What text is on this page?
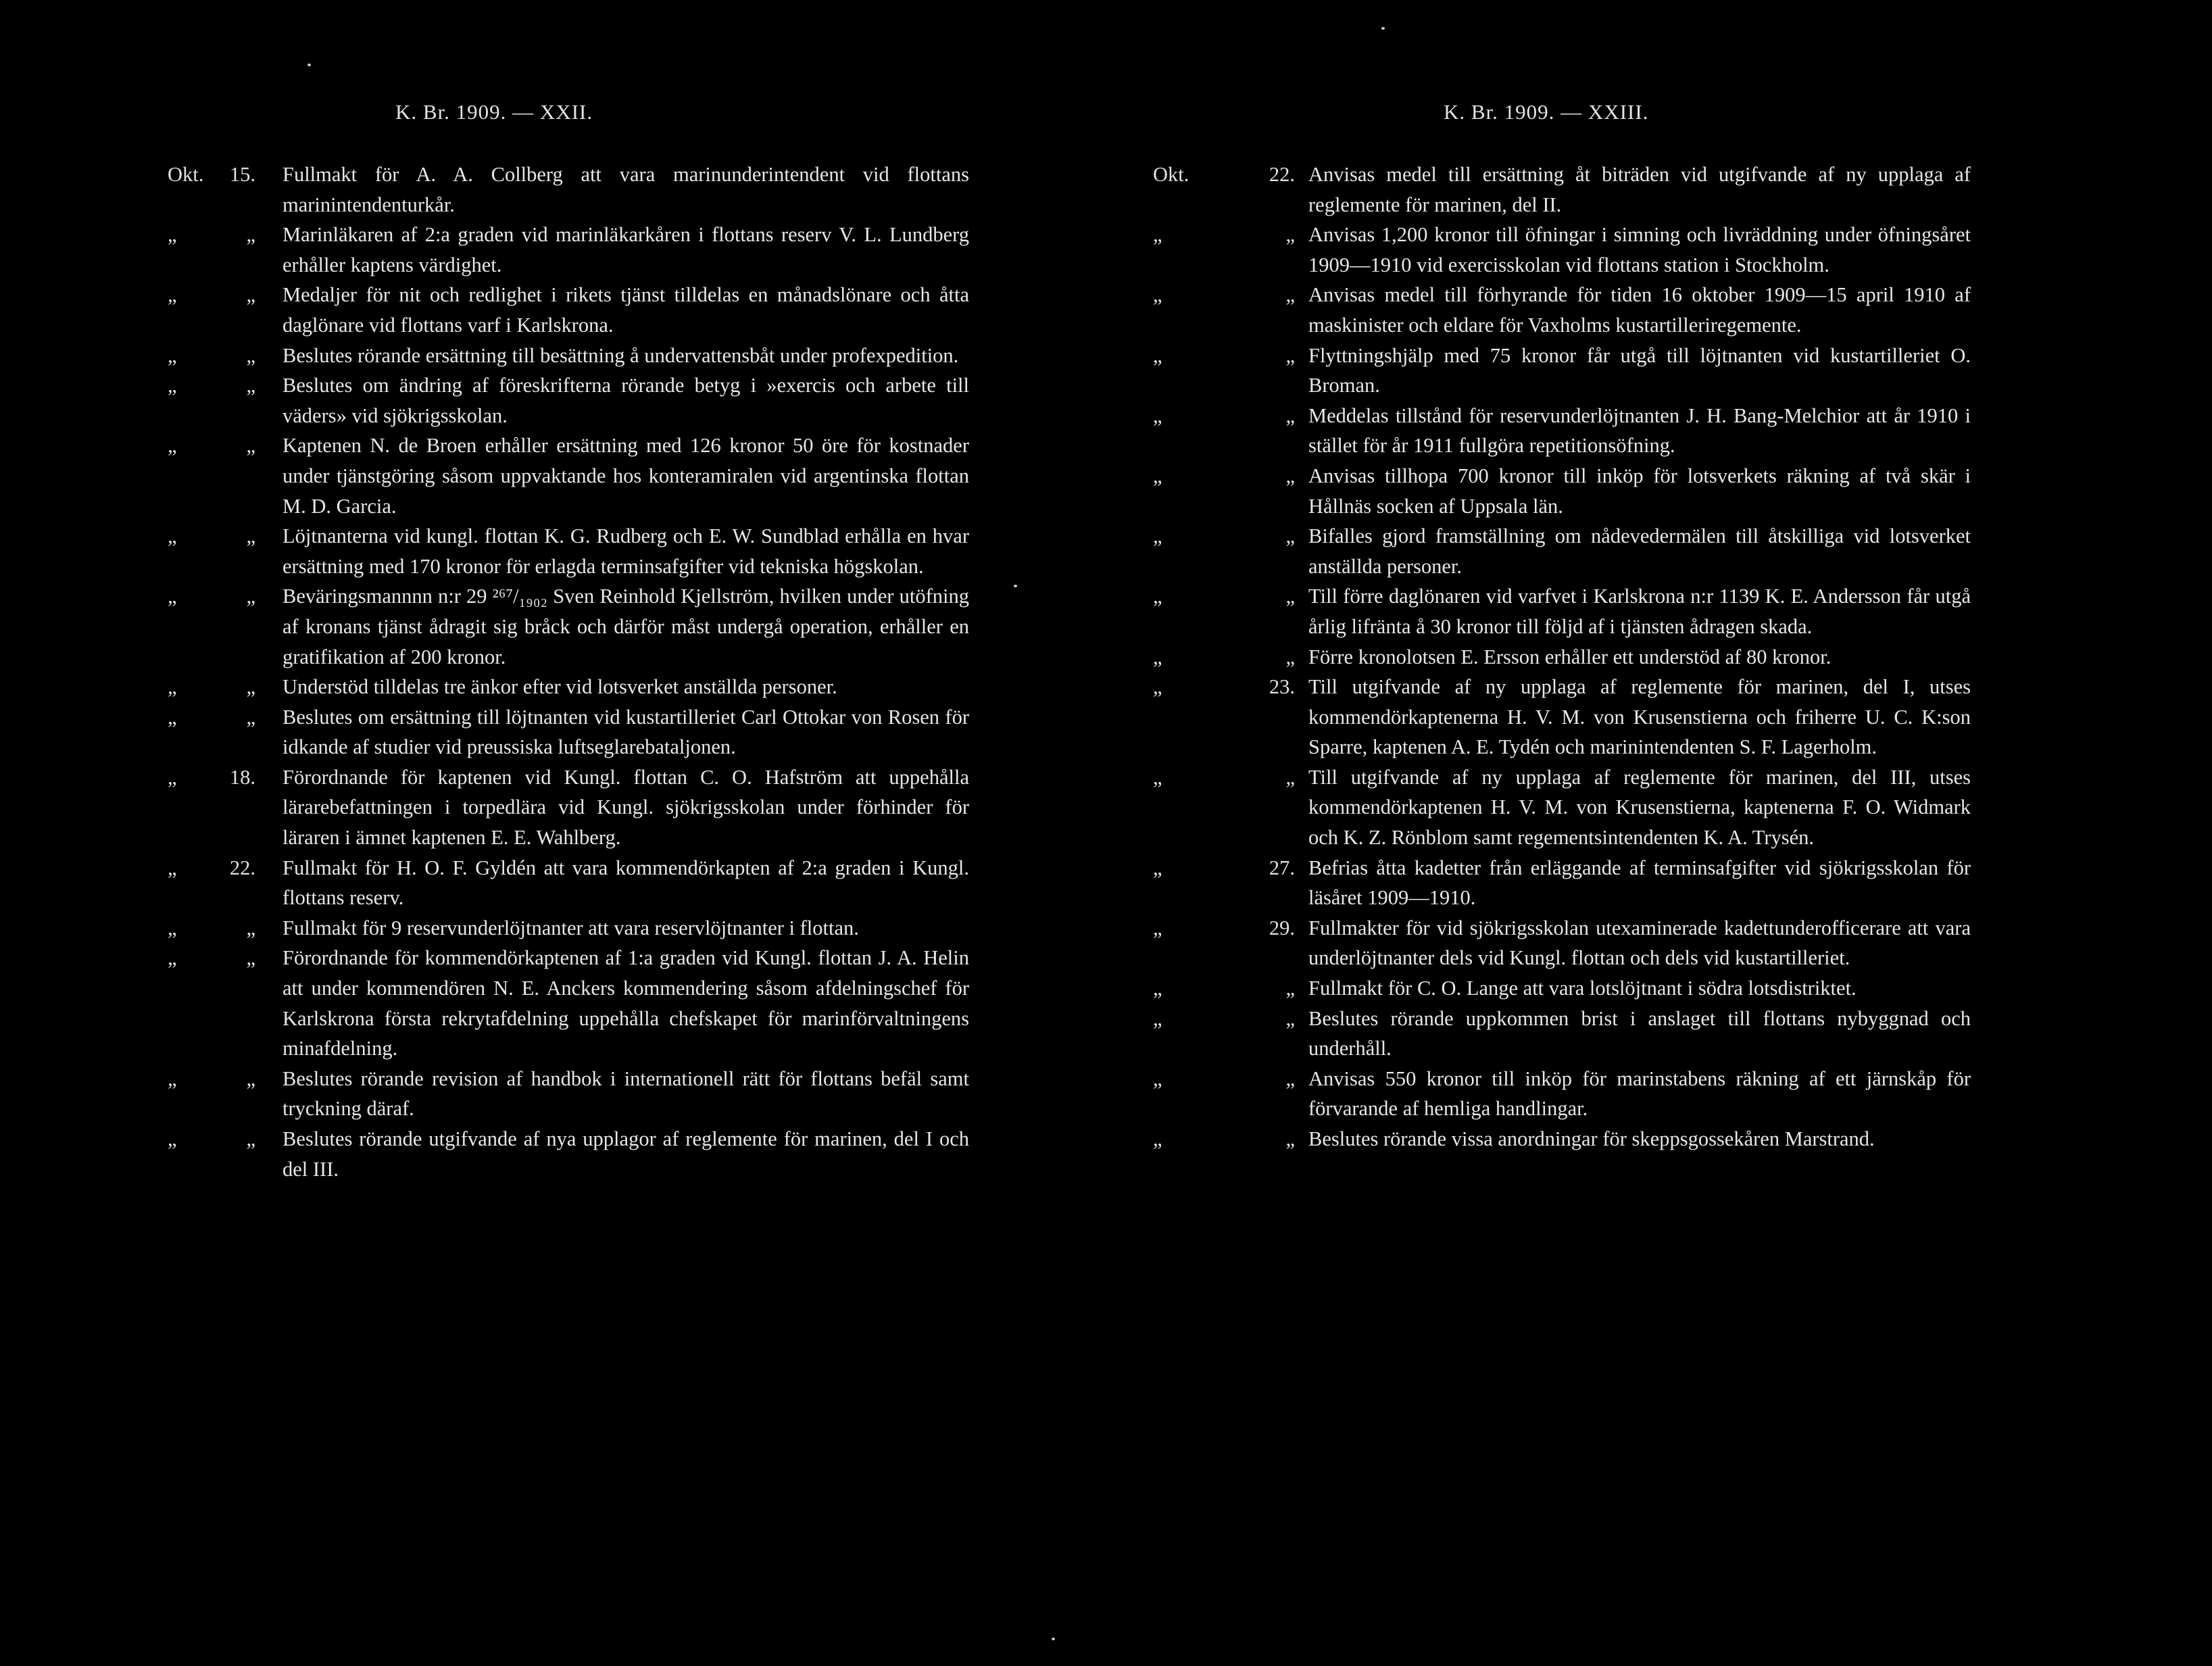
K. Br. 1909. — XXII.
Okt.	15. Fullmakt för A. A. Collberg att vara marinunderintendent vid flottans marinintendenturkår.
„	„ Marinläkaren af 2:a graden vid marinläkarkåren i flottans reserv V. L. Lundberg erhåller kaptens värdighet.
„	„ Medaljer för nit och redlighet i rikets tjänst tilldelas en månadslönare och åtta daglönare vid flottans varf i Karlskrona.
„	„ Beslutes rörande ersättning till besättning å undervattensbåt under profexpedition.
„	„ Beslutes om ändring af föreskrifterna rörande betyg i »exercis och arbete till väders» vid sjökrigsskolan.
„	„ Kaptenen N. de Broen erhåller ersättning med 126 kronor 50 öre för kostnader under tjänstgöring såsom uppvaktande hos konteramiralen vid argentinska flottan M. D. Garcia.
„	„ Löjtnanterna vid kungl. flottan K. G. Rudberg och E. W. Sundblad erhålla en hvar ersättning med 170 kronor för erlagda terminsafgifter vid tekniska högskolan.
„	„ Beväringsmannnn n:r 29 ²⁶⁷/₁₉₀₂ Sven Reinhold Kjellström, hvilken under utöfning af kronans tjänst ådragit sig bråck och därför måst undergå operation, erhåller en gratifikation af 200 kronor.
„	„ Understöd tilldelas tre änkor efter vid lotsverket anställda personer.
„	„ Beslutes om ersättning till löjtnanten vid kustartilleriet Carl Ottokar von Rosen för idkande af studier vid preussiska luftseglarebataljonen.
„	18. Förordnande för kaptenen vid Kungl. flottan C. O. Hafström att uppehålla lärarebefattningen i torpedlära vid Kungl. sjökrigsskolan under förhinder för läraren i ämnet kaptenen E. E. Wahlberg.
„	22. Fullmakt för H. O. F. Gyldén att vara kommendörkapten af 2:a graden i Kungl. flottans reserv.
„	„ Fullmakt för 9 reservunderlöjtnanter att vara reservlöjtnanter i flottan.
„	„ Förordnande för kommendörkaptenen af 1:a graden vid Kungl. flottan J. A. Helin att under kommendören N. E. Anckers kommendering såsom afdelningschef för Karlskrona första rekrytafdelning uppehålla chefskapet för marinförvaltningens minafdelning.
„	„ Beslutes rörande revision af handbok i internationell rätt för flottans befäl samt tryckning däraf.
„	„ Beslutes rörande utgifvande af nya upplagor af reglemente för marinen, del I och del III.
K. Br. 1909. — XXIII.
Okt.	22. Anvisas medel till ersättning åt biträden vid utgifvande af ny upplaga af reglemente för marinen, del II.
„	„ Anvisas 1,200 kronor till öfningar i simning och livräddning under öfningsåret 1909—1910 vid exercisskolan vid flottans station i Stockholm.
„	„ Anvisas medel till förhyrande för tiden 16 oktober 1909—15 april 1910 af maskinister och eldare för Vaxholms kustartilleriregemente.
„	„ Flyttningshjälp med 75 kronor får utgå till löjtnanten vid kustartilleriet O. Broman.
„	„ Meddelas tillstånd för reservunderlöjtnanten J. H. Bang-Melchior att år 1910 i stället för år 1911 fullgöra repetitionsöfning.
„	„ Anvisas tillhopa 700 kronor till inköp för lotsverkets räkning af två skär i Hållnäs socken af Uppsala län.
„	„ Bifalles gjord framställning om nådevedermälen till åtskilliga vid lotsverket anställda personer.
„	„ Till förre daglönaren vid varfvet i Karlskrona n:r 1139 K. E. Andersson får utgå årlig lifränta å 30 kronor till följd af i tjänsten ådragen skada.
„	„ Förre kronolotsen E. Ersson erhåller ett understöd af 80 kronor.
„	23. Till utgifvande af ny upplaga af reglemente för marinen, del I, utses kommendörkaptenerna H. V. M. von Krusenstierna och friherre U. C. K:son Sparre, kaptenen A. E. Tydén och marinintendenten S. F. Lagerholm.
„	„ Till utgifvande af ny upplaga af reglemente för marinen, del III, utses kommendörkaptenen H. V. M. von Krusenstierna, kaptenerna F. O. Widmark och K. Z. Rönblom samt regementsintendenten K. A. Trysén.
„	27. Befrias åtta kadetter från erläggande af terminsafgifter vid sjökrigsskolan för läsåret 1909—1910.
„	29. Fullmakter för vid sjökrigsskolan utexaminerade kadettunderofficerare att vara underlöjtnanter dels vid Kungl. flottan och dels vid kustartilleriet.
„	„ Fullmakt för C. O. Lange att vara lotslöjtnant i södra lotsdistriktet.
„	„ Beslutes rörande uppkommen brist i anslaget till flottans nybyggnad och underhåll.
„	„ Anvisas 550 kronor till inköp för marinstabens räkning af ett järnskåp för förvarande af hemliga handlingar.
„	„ Beslutes rörande vissa anordningar för skeppsgossekåren Marstrand.
